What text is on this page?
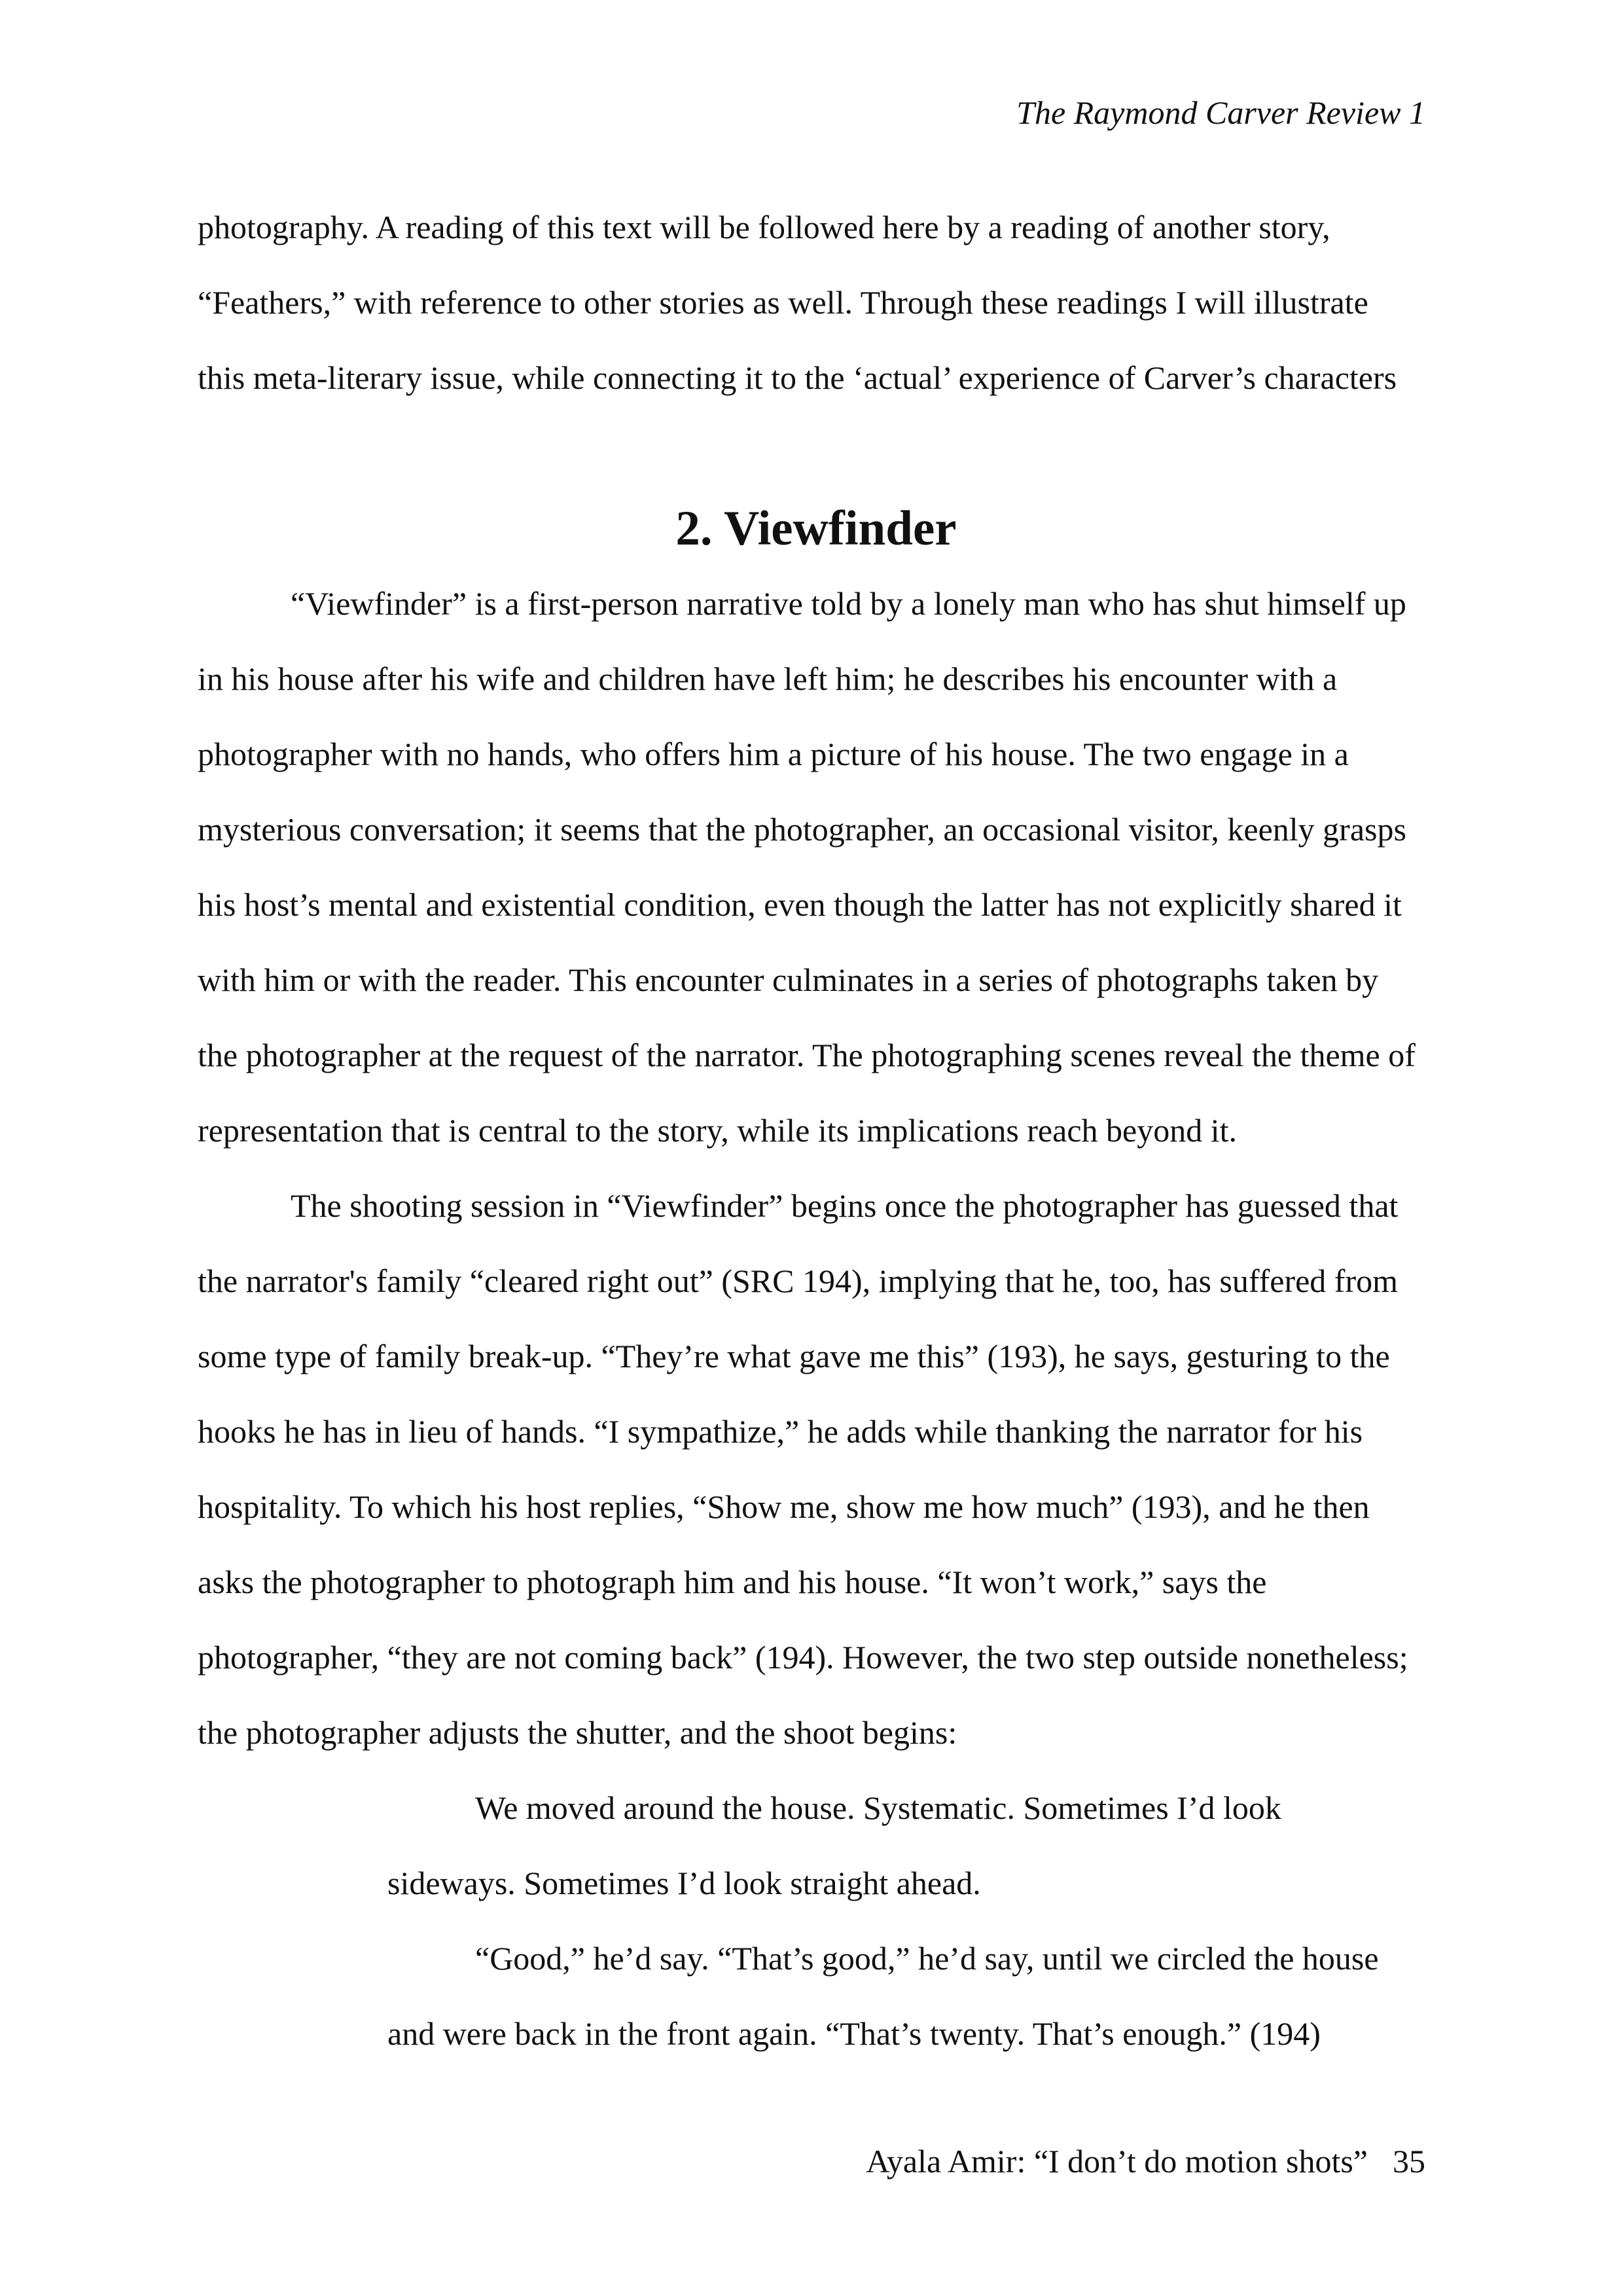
The Raymond Carver Review 1

photography. A reading of this text will be followed here by a reading of another story,
“Feathers,” with reference to other stories as well. Through these readings I will illustrate
this meta-literary issue, while connecting it to the ‘actual’ experience of Carver’s characters

2. Viewfinder

“Viewfinder” is a first-person narrative told by a lonely man who has shut himself up
in his house after his wife and children have left him; he describes his encounter with a
photographer with no hands, who offers him a picture of his house. The two engage in a
mysterious conversation; it seems that the photographer, an occasional visitor, keenly grasps
his host’s mental and existential condition, even though the latter has not explicitly shared it
with him or with the reader. This encounter culminates in a series of photographs taken by
the photographer at the request of the narrator. The photographing scenes reveal the theme of
representation that is central to the story, while its implications reach beyond it.

The shooting session in “Viewfinder” begins once the photographer has guessed that
the narrator's family “cleared right out” (SRC 194), implying that he, too, has suffered from
some type of family break-up. “They’re what gave me this” (193), he says, gesturing to the
hooks he has in lieu of hands. “I sympathize,” he adds while thanking the narrator for his
hospitality. To which his host replies, “Show me, show me how much” (193), and he then
asks the photographer to photograph him and his house. “It won’t work,” says the
photographer, “they are not coming back” (194). However, the two step outside nonetheless;
the photographer adjusts the shutter, and the shoot begins:

We moved around the house. Systematic. Sometimes I’d look
sideways. Sometimes I’d look straight ahead.
“Good,” he’d say. “That’s good,” he’d say, until we circled the house
and were back in the front again. “That’s twenty. That’s enough.” (194)
Ayala Amir: “I don’t do motion shots” 35
